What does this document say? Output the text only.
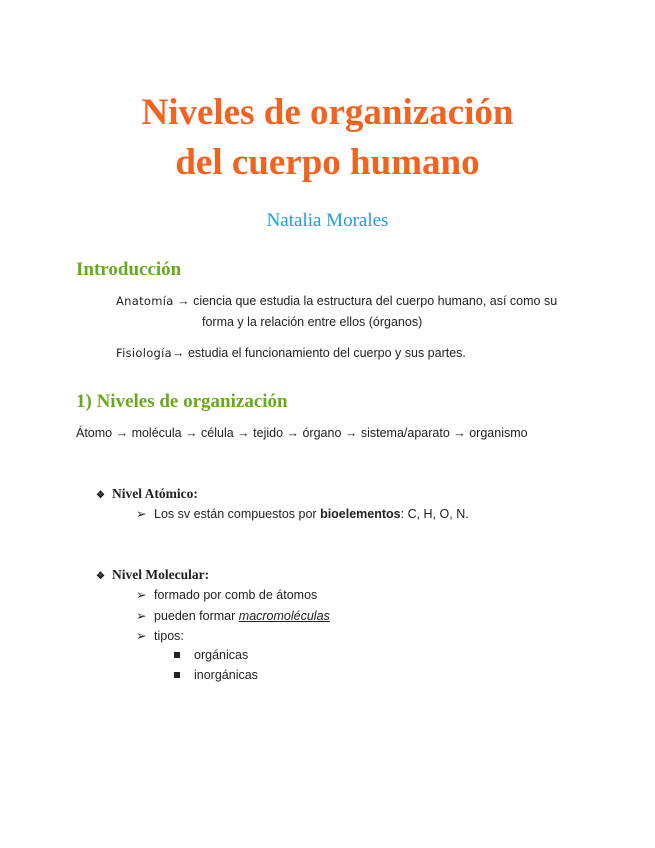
Niveles de organización
del cuerpo humano
Natalia Morales
Introducción
Anatomía → ciencia que estudia la estructura del cuerpo humano, así como su
forma y la relación entre ellos (órganos)
Fisiología→ estudia el funcionamiento del cuerpo y sus partes.
1) Niveles de organización
Átomo → molécula → célula → tejido → órgano → sistema/aparato → organismo
❖ Nivel Atómico:
➢ Los sv están compuestos por bioelementos: C, H, O, N.
❖ Nivel Molecular:
➢ formado por comb de átomos
➢ pueden formar macromoléculas
➢ tipos:
orgánicas
inorgánicas
